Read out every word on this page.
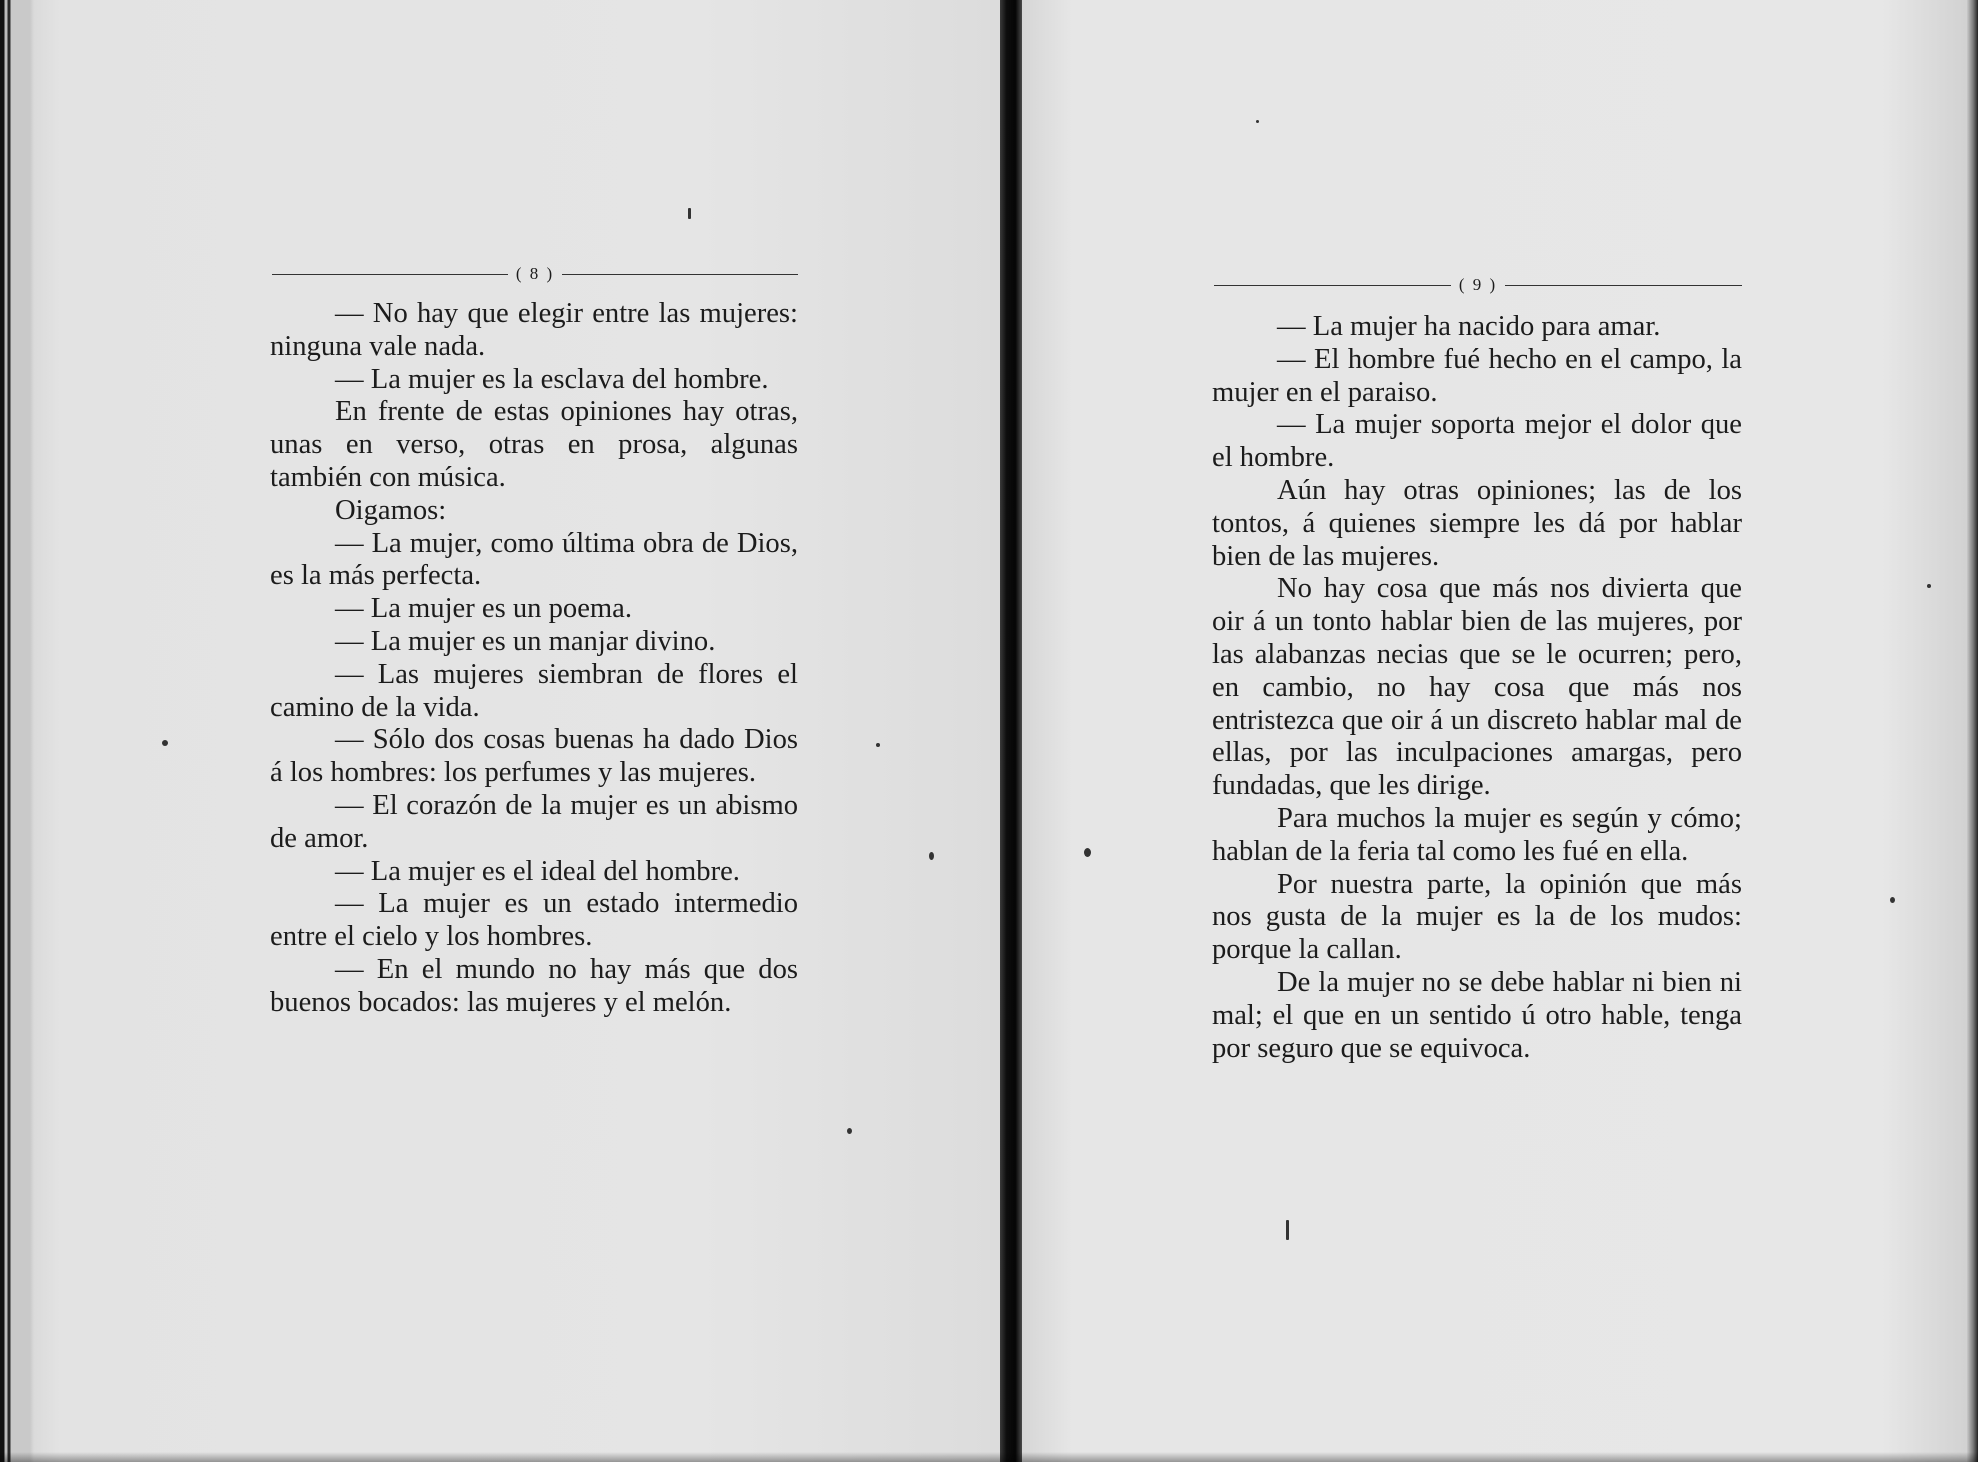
( 8 )

— No hay que elegir entre las mujeres: ninguna vale nada.

— La mujer es la esclava del hombre.

En frente de estas opiniones hay otras, unas en verso, otras en prosa, algunas también con música.

Oigamos:

— La mujer, como última obra de Dios, es la más perfecta.

— La mujer es un poema.

— La mujer es un manjar divino.

— Las mujeres siembran de flores el camino de la vida.

— Sólo dos cosas buenas ha dado Dios á los hombres: los perfumes y las mujeres.

— El corazón de la mujer es un abismo de amor.

— La mujer es el ideal del hombre.

— La mujer es un estado intermedio entre el cielo y los hombres.

— En el mundo no hay más que dos buenos bocados: las mujeres y el melón.

( 9 )

— La mujer ha nacido para amar.

— El hombre fué hecho en el campo, la mujer en el paraiso.

— La mujer soporta mejor el dolor que el hombre.

Aún hay otras opiniones; las de los tontos, á quienes siempre les dá por hablar bien de las mujeres.

No hay cosa que más nos divierta que oir á un tonto hablar bien de las mujeres, por las alabanzas necias que se le ocurren; pero, en cambio, no hay cosa que más nos entristezca que oir á un discreto hablar mal de ellas, por las inculpaciones amargas, pero fundadas, que les dirige.

Para muchos la mujer es según y cómo; hablan de la feria tal como les fué en ella.

Por nuestra parte, la opinión que más nos gusta de la mujer es la de los mudos: porque la callan.

De la mujer no se debe hablar ni bien ni mal; el que en un sentido ú otro hable, tenga por seguro que se equivoca.
